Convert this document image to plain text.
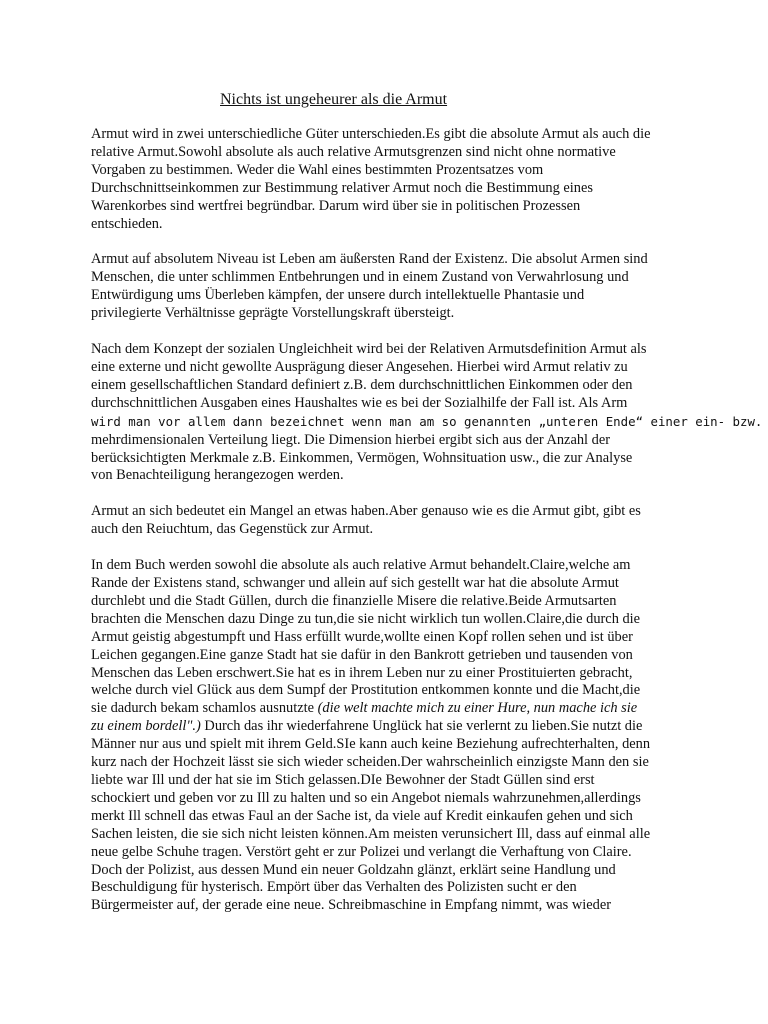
Nichts ist ungeheurer als die Armut
Armut wird in zwei unterschiedliche Güter unterschieden.Es gibt die absolute Armut als auch die
relative Armut.Sowohl absolute als auch relative Armutsgrenzen sind nicht ohne normative
Vorgaben zu bestimmen. Weder die Wahl eines bestimmten Prozentsatzes vom
Durchschnittseinkommen zur Bestimmung relativer Armut noch die Bestimmung eines
Warenkorbes sind wertfrei begründbar. Darum wird über sie in politischen Prozessen
entschieden.
Armut auf absolutem Niveau ist Leben am äußersten Rand der Existenz. Die absolut Armen sind
Menschen, die unter schlimmen Entbehrungen und in einem Zustand von Verwahrlosung und
Entwürdigung ums Überleben kämpfen, der unsere durch intellektuelle Phantasie und
privilegierte Verhältnisse geprägte Vorstellungskraft übersteigt.
Nach dem Konzept der sozialen Ungleichheit wird bei der Relativen Armutsdefinition Armut als
eine externe und nicht gewollte Ausprägung dieser Angesehen. Hierbei wird Armut relativ zu
einem gesellschaftlichen Standard definiert z.B. dem durchschnittlichen Einkommen oder den
durchschnittlichen Ausgaben eines Haushaltes wie es bei der Sozialhilfe der Fall ist. Als Arm
wird man vor allem dann bezeichnet wenn man am so genannten „unteren Ende“ einer ein- bzw.
mehrdimensionalen Verteilung liegt. Die Dimension hierbei ergibt sich aus der Anzahl der
berücksichtigten Merkmale z.B. Einkommen, Vermögen, Wohnsituation usw., die zur Analyse
von Benachteiligung herangezogen werden.
Armut an sich bedeutet ein Mangel an etwas haben.Aber genauso wie es die Armut gibt, gibt es
auch den Reiuchtum, das Gegenstück zur Armut.
In dem Buch werden sowohl die absolute als auch relative Armut behandelt.Claire,welche am
Rande der Existens stand, schwanger und allein auf sich gestellt war hat die absolute Armut
durchlebt und die Stadt Güllen, durch die finanzielle Misere die relative.Beide Armutsarten
brachten die Menschen dazu Dinge zu tun,die sie nicht wirklich tun wollen.Claire,die durch die
Armut geistig abgestumpft und Hass erfüllt wurde,wollte einen Kopf rollen sehen und ist über
Leichen gegangen.Eine ganze Stadt hat sie dafür in den Bankrott getrieben und tausenden von
Menschen das Leben erschwert.Sie hat es in ihrem Leben nur zu einer Prostituierten gebracht,
welche durch viel Glück aus dem Sumpf der Prostitution entkommen konnte und die Macht,die
sie dadurch bekam schamlos ausnutzte (die welt machte mich zu einer Hure, nun mache ich sie
zu einem bordell".) Durch das ihr wiederfahrene Unglück hat sie verlernt zu lieben.Sie nutzt die
Männer nur aus und spielt mit ihrem Geld.SIe kann auch keine Beziehung aufrechterhalten, denn
kurz nach der Hochzeit lässt sie sich wieder scheiden.Der wahrscheinlich einzigste Mann den sie
liebte war Ill und der hat sie im Stich gelassen.DIe Bewohner der Stadt Güllen sind erst
schockiert und geben vor zu Ill zu halten und so ein Angebot niemals wahrzunehmen,allerdings
merkt Ill schnell das etwas Faul an der Sache ist, da viele auf Kredit einkaufen gehen und sich
Sachen leisten, die sie sich nicht leisten können.Am meisten verunsichert Ill, dass auf einmal alle
neue gelbe Schuhe tragen. Verstört geht er zur Polizei und verlangt die Verhaftung von Claire.
Doch der Polizist, aus dessen Mund ein neuer Goldzahn glänzt, erklärt seine Handlung und
Beschuldigung für hysterisch. Empört über das Verhalten des Polizisten sucht er den
Bürgermeister auf, der gerade eine neue. Schreibmaschine in Empfang nimmt, was wieder
